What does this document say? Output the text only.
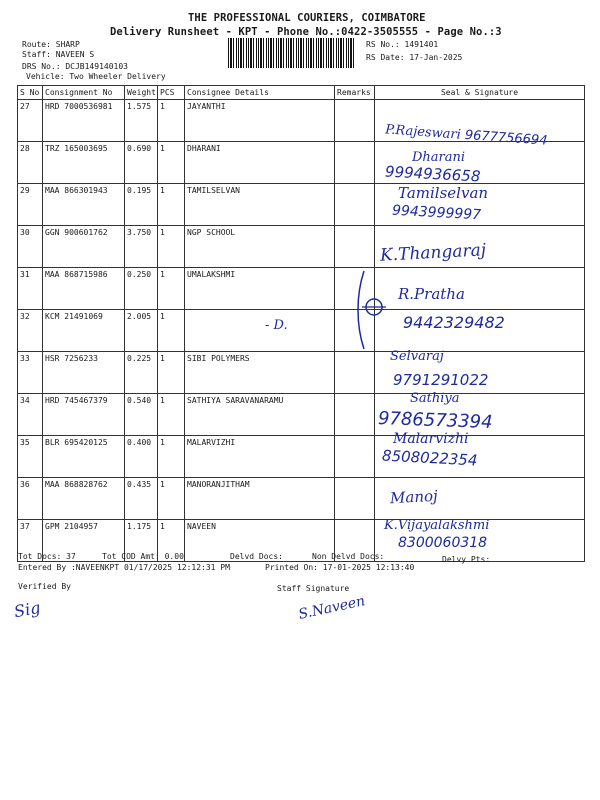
THE PROFESSIONAL COURIERS, COIMBATORE
Delivery Runsheet - KPT - Phone No.:0422-3505555 - Page No.:3
Route: SHARP
Staff: NAVEEN S
DRS No.: DCJB149140103
Vehicle: Two Wheeler Delivery
RS No.: 1491401
RS Date: 17-Jan-2025
S No	Consignment No	Weight	PCS	Consignee Details	Remarks	Seal & Signature
27	HRD 7000536981	1.575	1	JAYANTHI		
28	TRZ 165003695	0.690	1	DHARANI		
29	MAA 866301943	0.195	1	TAMILSELVAN		
30	GGN 900601762	3.750	1	NGP SCHOOL		
31	MAA 868715986	0.250	1	UMALAKSHMI		
32	KCM 21491069	2.005	1			
33	HSR 7256233	0.225	1	SIBI POLYMERS		
34	HRD 745467379	0.540	1	SATHIYA SARAVANARAMU		
35	BLR 695420125	0.400	1	MALARVIZHI		
36	MAA 868828762	0.435	1	MANORANJITHAM		
37	GPM 2104957	1.175	1	NAVEEN		
P.Rajeswari 9677756694
Dharani
9994936658
Tamilselvan
9943999997
K.Thangaraj
- D.
R.Pratha
9442329482
Selvaraj
9791291022
Sathiya
9786573394
Malarvizhi
8508022354
Manoj
K.Vijayalakshmi
8300060318
Tot Docs: 37	Tot COD Amt: 0.00	Delvd Docs:	Non Delvd Docs:	Delvy Pts:
Entered By :NAVEENKPT 01/17/2025 12:12:31 PM	Printed On: 17-01-2025 12:13:40
Verified By	Staff Signature
Sig	S.Naveen
